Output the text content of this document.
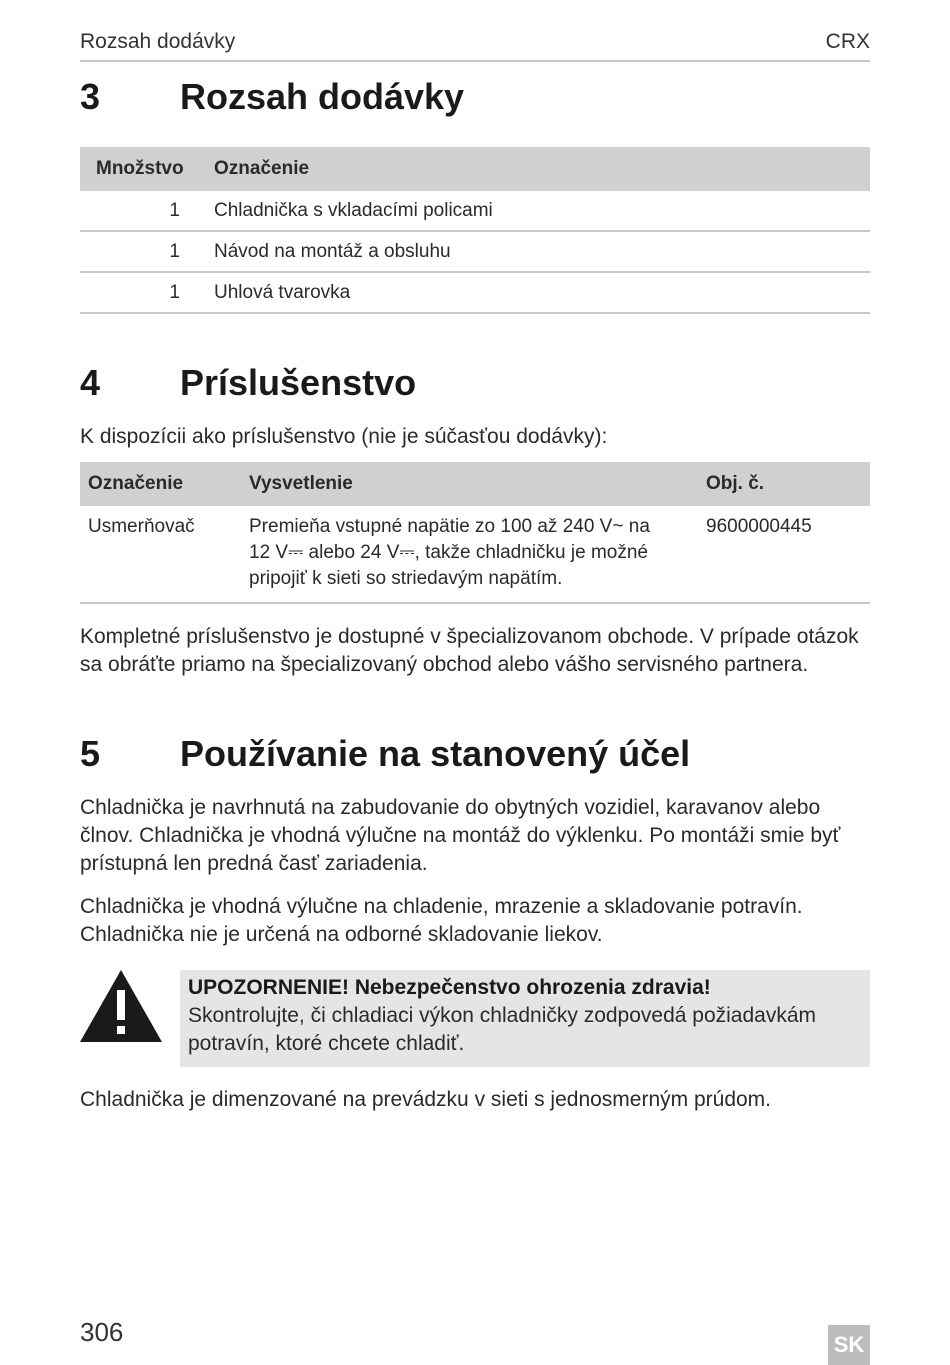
Rozsah dodávky	CRX
3	Rozsah dodávky
Množstvo	Označenie
1	Chladnička s vkladacími policami
1	Návod na montáž a obsluhu
1	Uhlová tvarovka
4	Príslušenstvo

K dispozícii ako príslušenstvo (nie je súčasťou dodávky):

Označenie	Vysvetlenie	Obj. č.
Usmerňovač	Premieňa vstupné napätie zo 100 až 240 V~ na
12 V⎓ alebo 24 V⎓, takže chladničku je možné
pripojiť k sieti so striedavým napätím.	9600000445

Kompletné príslušenstvo je dostupné v špecializovanom obchode. V prípade otázok sa obráťte priamo na špecializovaný obchod alebo vášho servisného partnera.

5	Používanie na stanovený účel

Chladnička je navrhnutá na zabudovanie do obytných vozidiel, karavanov alebo člnov. Chladnička je vhodná výlučne na montáž do výklenku. Po montáži smie byť prístupná len predná časť zariadenia.

Chladnička je vhodná výlučne na chladenie, mrazenie a skladovanie potravín. Chladnička nie je určená na odborné skladovanie liekov.

UPOZORNENIE! Nebezpečenstvo ohrozenia zdravia!
Skontrolujte, či chladiaci výkon chladničky zodpovedá požiadavkám potravín, ktoré chcete chladiť.

Chladnička je dimenzované na prevádzku v sieti s jednosmerným prúdom.

306	SK
